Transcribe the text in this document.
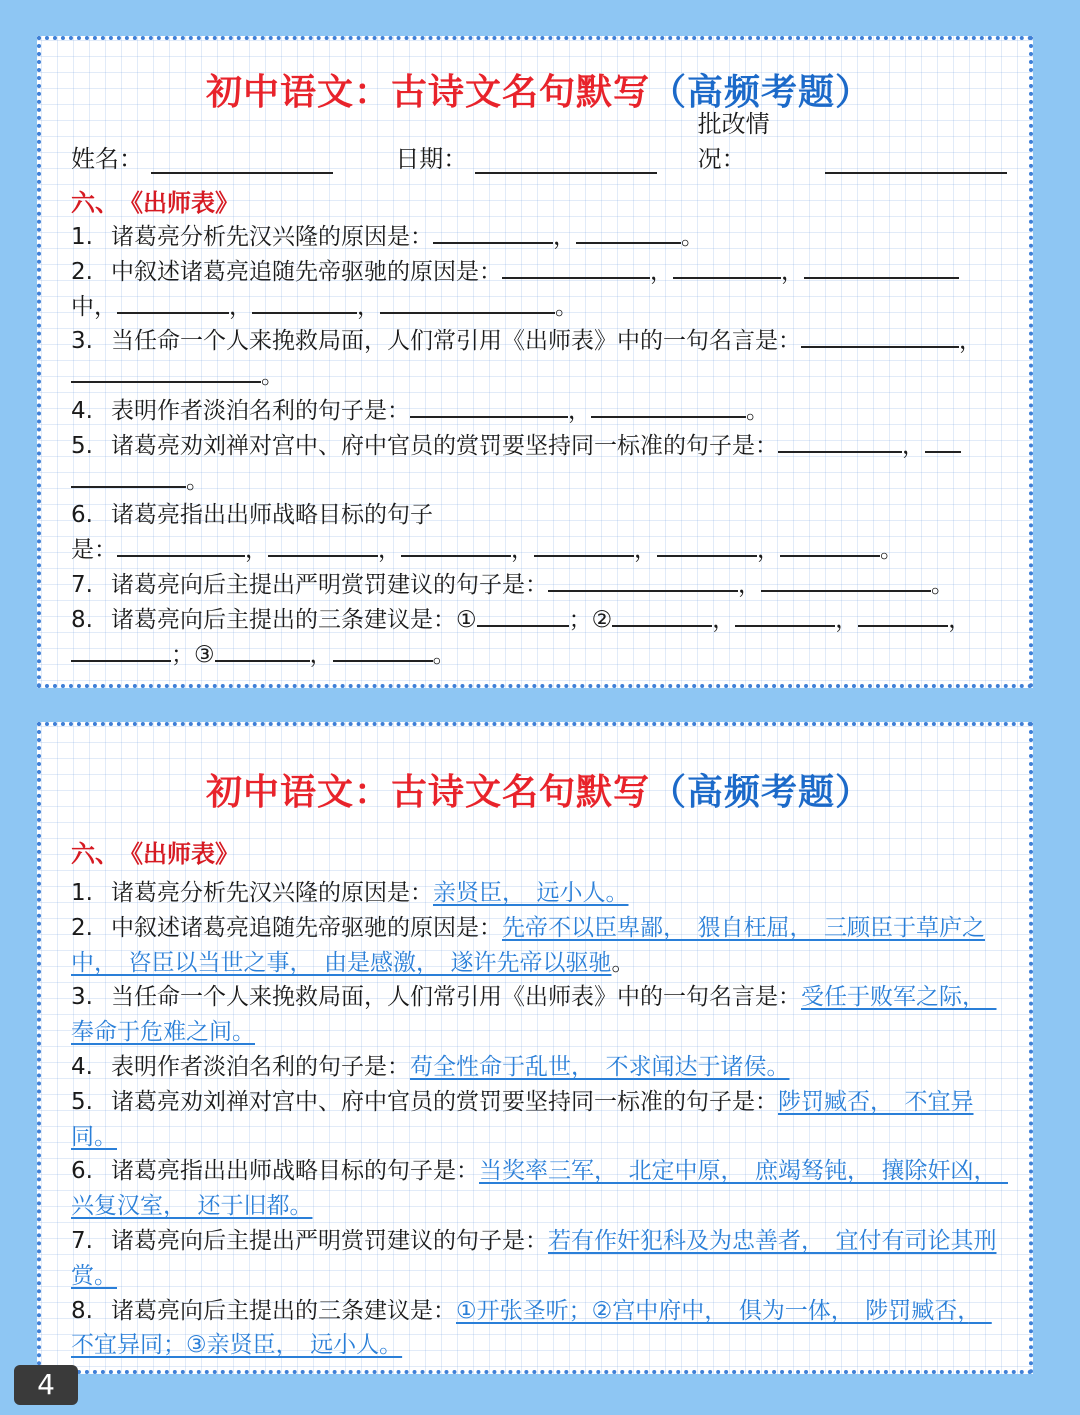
初中语文：古诗文名句默写（高频考题）
姓名：	日期：
批改情况：
六、　《出师表》

1. 诸葛亮分析先汉兴隆的原因是：	，	。

2. 中叙述诸葛亮追随先帝驱驰的原因是：	，	，

中，	，	，	。

3. 当任命一个人来挽救局面，人们常引用《出师表》中的一句名言是：	，

。

4. 表明作者淡泊名利的句子是：	，	。

5. 诸葛亮劝刘禅对宫中、府中官员的赏罚要坚持同一标准的句子是：	，

。

6. 诸葛亮指出出师战略目标的句子

是：	，	，	，	，	，	。

7. 诸葛亮向后主提出严明赏罚建议的句子是：	，	。

8. 诸葛亮向后主提出的三条建议是：①	；②	，	，	，

；③	，	。

初中语文：古诗文名句默写（高频考题）
六、　《出师表》

1. 诸葛亮分析先汉兴隆的原因是：亲贤臣，　远小人。

2. 中叙述诸葛亮追随先帝驱驰的原因是：先帝不以臣卑鄙，　猥自枉屈，　三顾臣于草庐之中，　咨臣以当世之事，　由是感激，　遂许先帝以驱驰。

3. 当任命一个人来挽救局面，人们常引用《出师表》中的一句名言是：受任于败军之际，　奉命于危难之间。

4. 表明作者淡泊名利的句子是：苟全性命于乱世，　不求闻达于诸侯。

5. 诸葛亮劝刘禅对宫中、府中官员的赏罚要坚持同一标准的句子是：陟罚臧否，　不宜异同。

6. 诸葛亮指出出师战略目标的句子是：当奖率三军，　北定中原，　庶竭驽钝，　攘除奸凶，　兴复汉室，　还于旧都。

7. 诸葛亮向后主提出严明赏罚建议的句子是：若有作奸犯科及为忠善者，　宜付有司论其刑赏。

8. 诸葛亮向后主提出的三条建议是：①开张圣听；②宫中府中，　俱为一体，　陟罚臧否，　不宜异同；③亲贤臣，　远小人。

4
